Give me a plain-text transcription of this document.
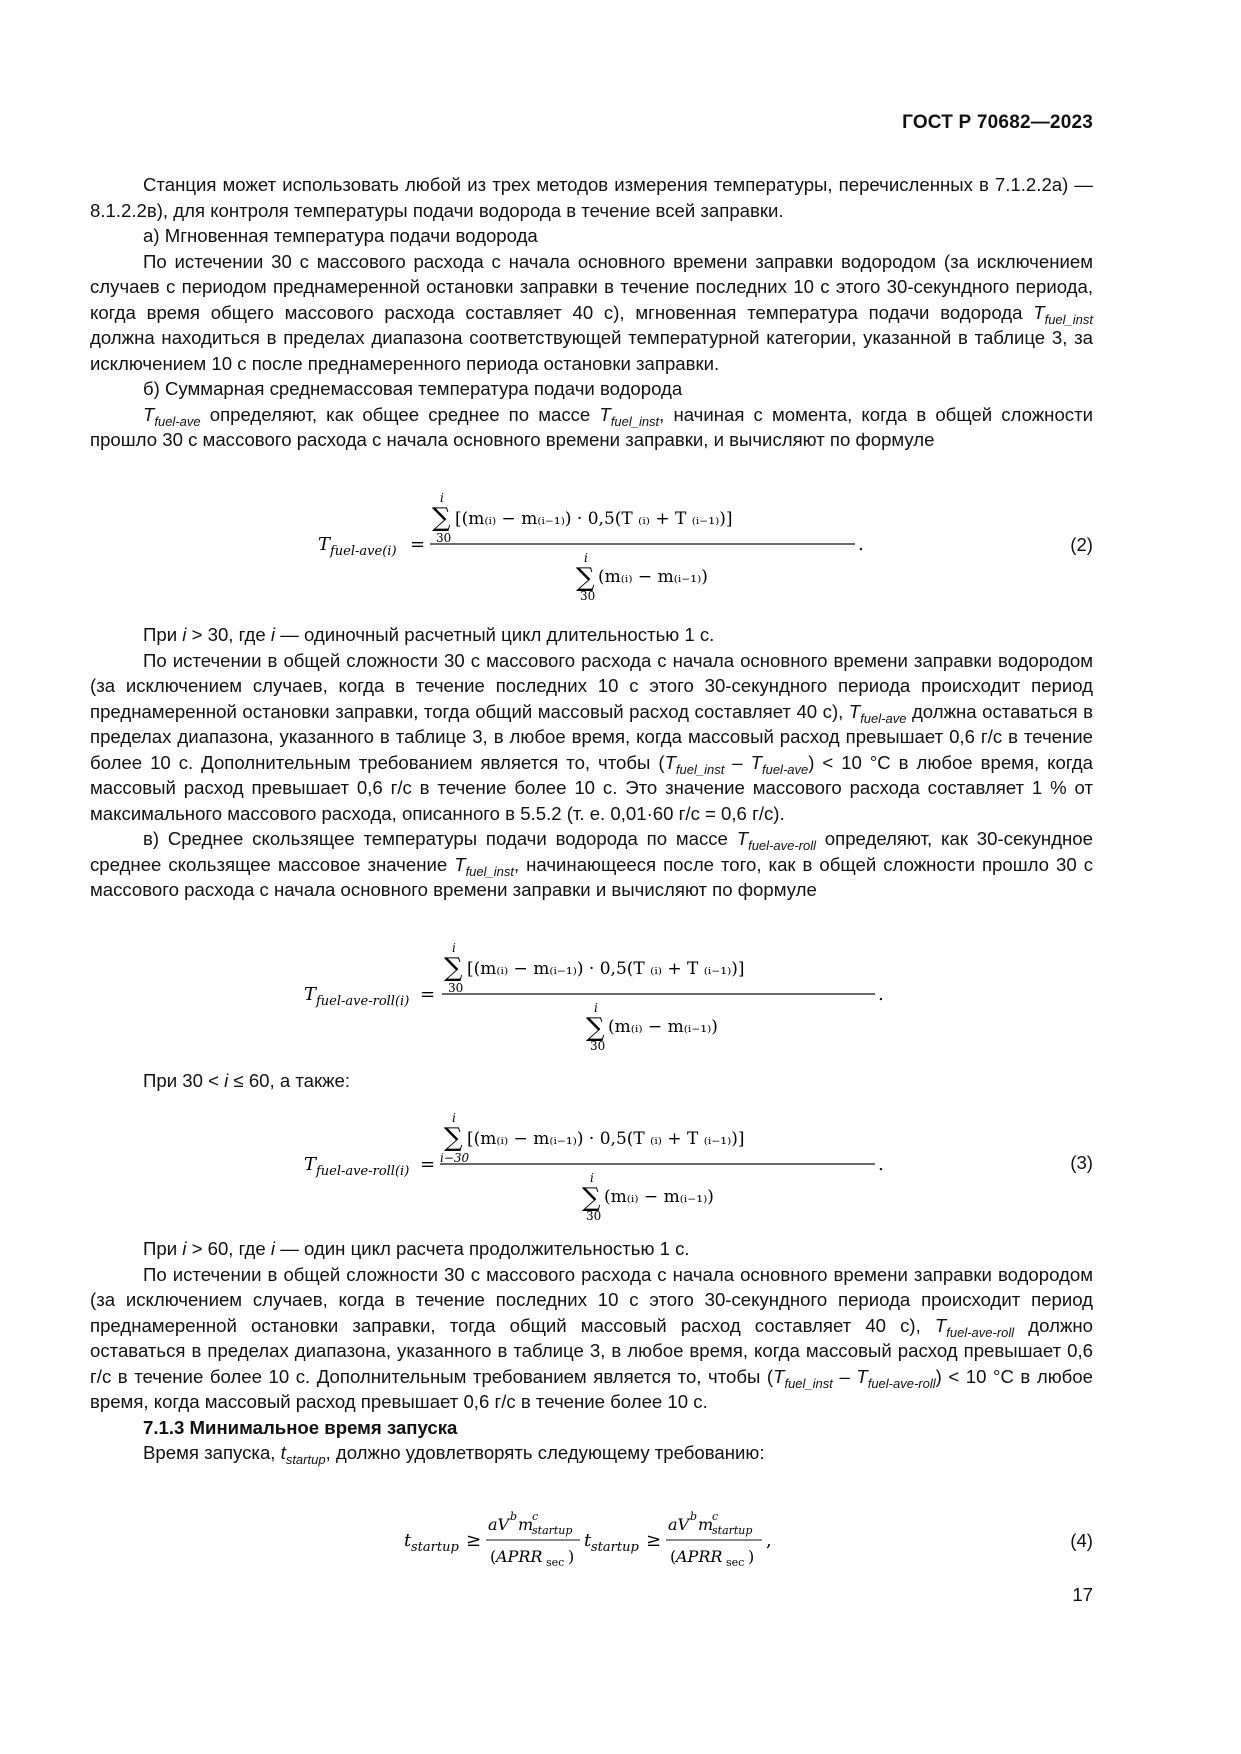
ГОСТ Р 70682—2023

Станция может использовать любой из трех методов измерения температуры, перечисленных в 7.1.2.2а) — 8.1.2.2в), для контроля температуры подачи водорода в течение всей заправки.

а) Мгновенная температура подачи водорода

По истечении 30 с массового расхода с начала основного времени заправки водородом (за исключением случаев с периодом преднамеренной остановки заправки в течение последних 10 с этого 30-секундного периода, когда время общего массового расхода составляет 40 с), мгновенная температура подачи водорода $T_{fuel\_inst}$ должна находиться в пределах диапазона соответствующей температурной категории, указанной в таблице 3, за исключением 10 с после преднамеренного периода остановки заправки.

б) Суммарная среднемассовая температура подачи водорода

$T_{fuel-ave}$ определяют, как общее среднее по массе $T_{fuel\_inst}$, начиная с момента, когда в общей сложности прошло 30 с массового расхода с начала основного времени заправки, и вычисляют по формуле

T fuel-ave(i) =
i
∑
30
[(m₍ᵢ₎ − m₍ᵢ₋₁₎) · 0,5(T ₍ᵢ₎ + T ₍ᵢ₋₁₎)]
.
i
∑
30
(m₍ᵢ₎ − m₍ᵢ₋₁₎)
(2)

При i > 30, где i — одиночный расчетный цикл длительностью 1 с.

По истечении в общей сложности 30 с массового расхода с начала основного времени заправки водородом (за исключением случаев, когда в течение последних 10 с этого 30-секундного периода происходит период преднамеренной остановки заправки, тогда общий массовый расход составляет 40 с), $T_{fuel-ave}$ должна оставаться в пределах диапазона, указанного в таблице 3, в любое время, когда массовый расход превышает 0,6 г/с в течение более 10 с. Дополнительным требованием является то, чтобы $(T_{fuel\_inst} - T_{fuel-ave}) < 10$ °С в любое время, когда массовый расход превышает 0,6 г/с в течение более 10 с. Это значение массового расхода составляет 1 % от максимального массового расхода, описанного в 5.5.2 (т. е. 0,01·60 г/с = 0,6 г/с).

в) Среднее скользящее температуры подачи водорода по массе $T_{fuel-ave-roll}$ определяют, как 30-секундное среднее скользящее массовое значение $T_{fuel\_inst}$, начинающееся после того, как в общей сложности прошло 30 с массового расхода с начала основного времени заправки и вычисляют по формуле

T fuel-ave-roll(i) =
i
∑
30
[(m₍ᵢ₎ − m₍ᵢ₋₁₎) · 0,5(T ₍ᵢ₎ + T ₍ᵢ₋₁₎)]
.
i
∑
30
(m₍ᵢ₎ − m₍ᵢ₋₁₎)

При 30 < i ≤ 60, а также:

T fuel-ave-roll(i) =
i
∑
i−30
[(m₍ᵢ₎ − m₍ᵢ₋₁₎) · 0,5(T ₍ᵢ₎ + T ₍ᵢ₋₁₎)]
.
i
∑
30
(m₍ᵢ₎ − m₍ᵢ₋₁₎)
(3)

При i > 60, где i — один цикл расчета продолжительностью 1 с.

По истечении в общей сложности 30 с массового расхода с начала основного времени заправки водородом (за исключением случаев, когда в течение последних 10 с этого 30-секундного периода происходит период преднамеренной остановки заправки, тогда общий массовый расход составляет 40 с), $T_{fuel-ave-roll}$ должно оставаться в пределах диапазона, указанного в таблице 3, в любое время, когда массовый расход превышает 0,6 г/с в течение более 10 с. Дополнительным требованием является то, чтобы $(T_{fuel\_inst} - T_{fuel-ave-roll}) < 10$ °С в любое время, когда массовый расход превышает 0,6 г/с в течение более 10 с.

7.1.3 Минимальное время запуска

Время запуска, $t_{startup}$, должно удовлетворять следующему требованию:

t startup ≥
aV b m
c
startup
( APRR sec )
t startup ≥
aV b m
c
startup
( APRR sec )
,	(4)
17
